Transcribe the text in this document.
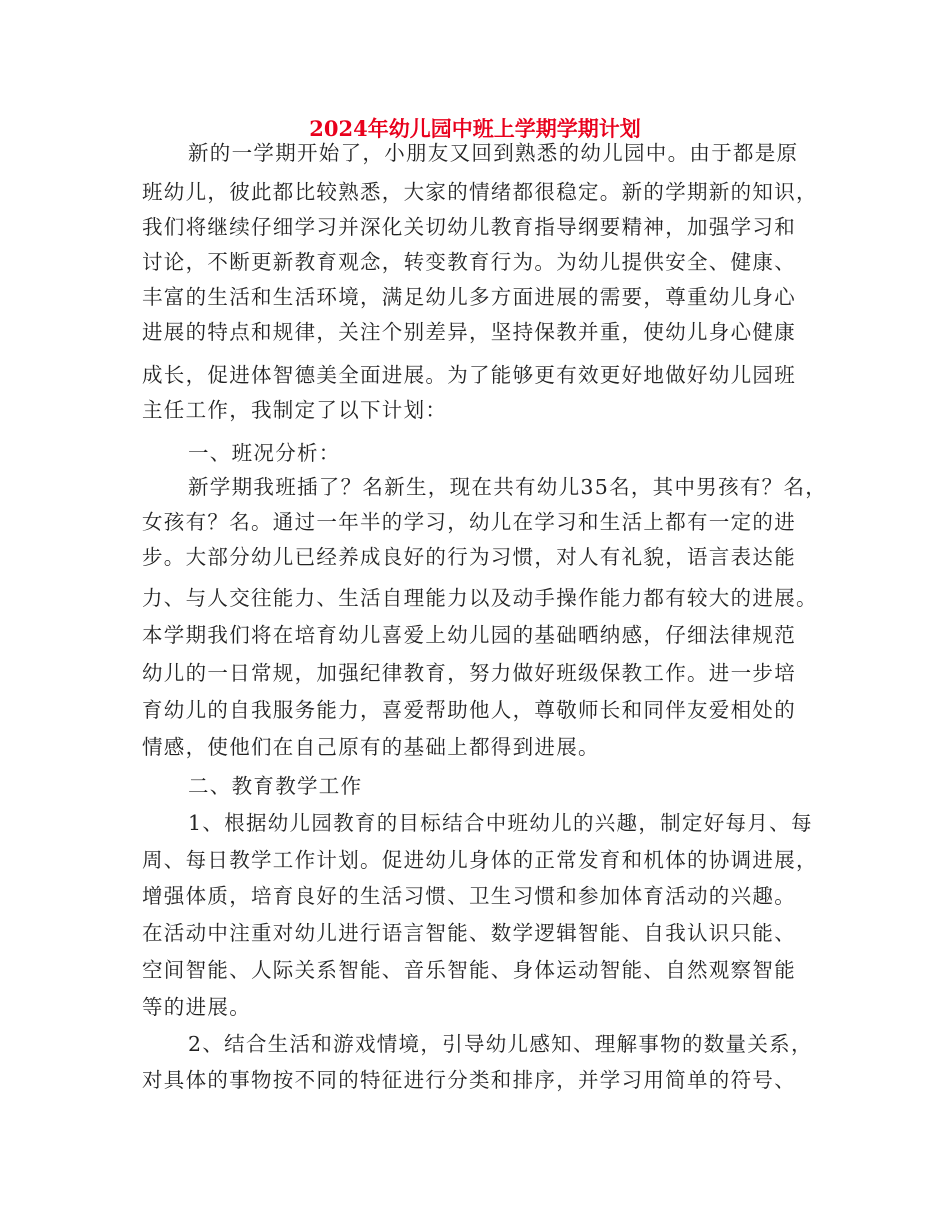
2024年幼儿园中班上学期学期计划

新的一学期开始了，小朋友又回到熟悉的幼儿园中。由于都是原

班幼儿，彼此都比较熟悉，大家的情绪都很稳定。新的学期新的知识，

我们将继续仔细学习并深化关切幼儿教育指导纲要精神，加强学习和

讨论，不断更新教育观念，转变教育行为。为幼儿提供安全、健康、

丰富的生活和生活环境，满足幼儿多方面进展的需要，尊重幼儿身心

进展的特点和规律，关注个别差异，坚持保教并重，使幼儿身心健康

成长，促进体智德美全面进展。为了能够更有效更好地做好幼儿园班

主任工作，我制定了以下计划：

一、班况分析：

新学期我班插了？名新生，现在共有幼儿35名，其中男孩有？名，

女孩有？名。通过一年半的学习，幼儿在学习和生活上都有一定的进

步。大部分幼儿已经养成良好的行为习惯，对人有礼貌，语言表达能

力、与人交往能力、生活自理能力以及动手操作能力都有较大的进展。

本学期我们将在培育幼儿喜爱上幼儿园的基础晒纳感，仔细法律规范

幼儿的一日常规，加强纪律教育，努力做好班级保教工作。进一步培

育幼儿的自我服务能力，喜爱帮助他人，尊敬师长和同伴友爱相处的

情感，使他们在自己原有的基础上都得到进展。

二、教育教学工作

1、根据幼儿园教育的目标结合中班幼儿的兴趣，制定好每月、每

周、每日教学工作计划。促进幼儿身体的正常发育和机体的协调进展，

增强体质，培育良好的生活习惯、卫生习惯和参加体育活动的兴趣。

在活动中注重对幼儿进行语言智能、数学逻辑智能、自我认识只能、

空间智能、人际关系智能、音乐智能、身体运动智能、自然观察智能

等的进展。

2、结合生活和游戏情境，引导幼儿感知、理解事物的数量关系，

对具体的事物按不同的特征进行分类和排序，并学习用简单的符号、
